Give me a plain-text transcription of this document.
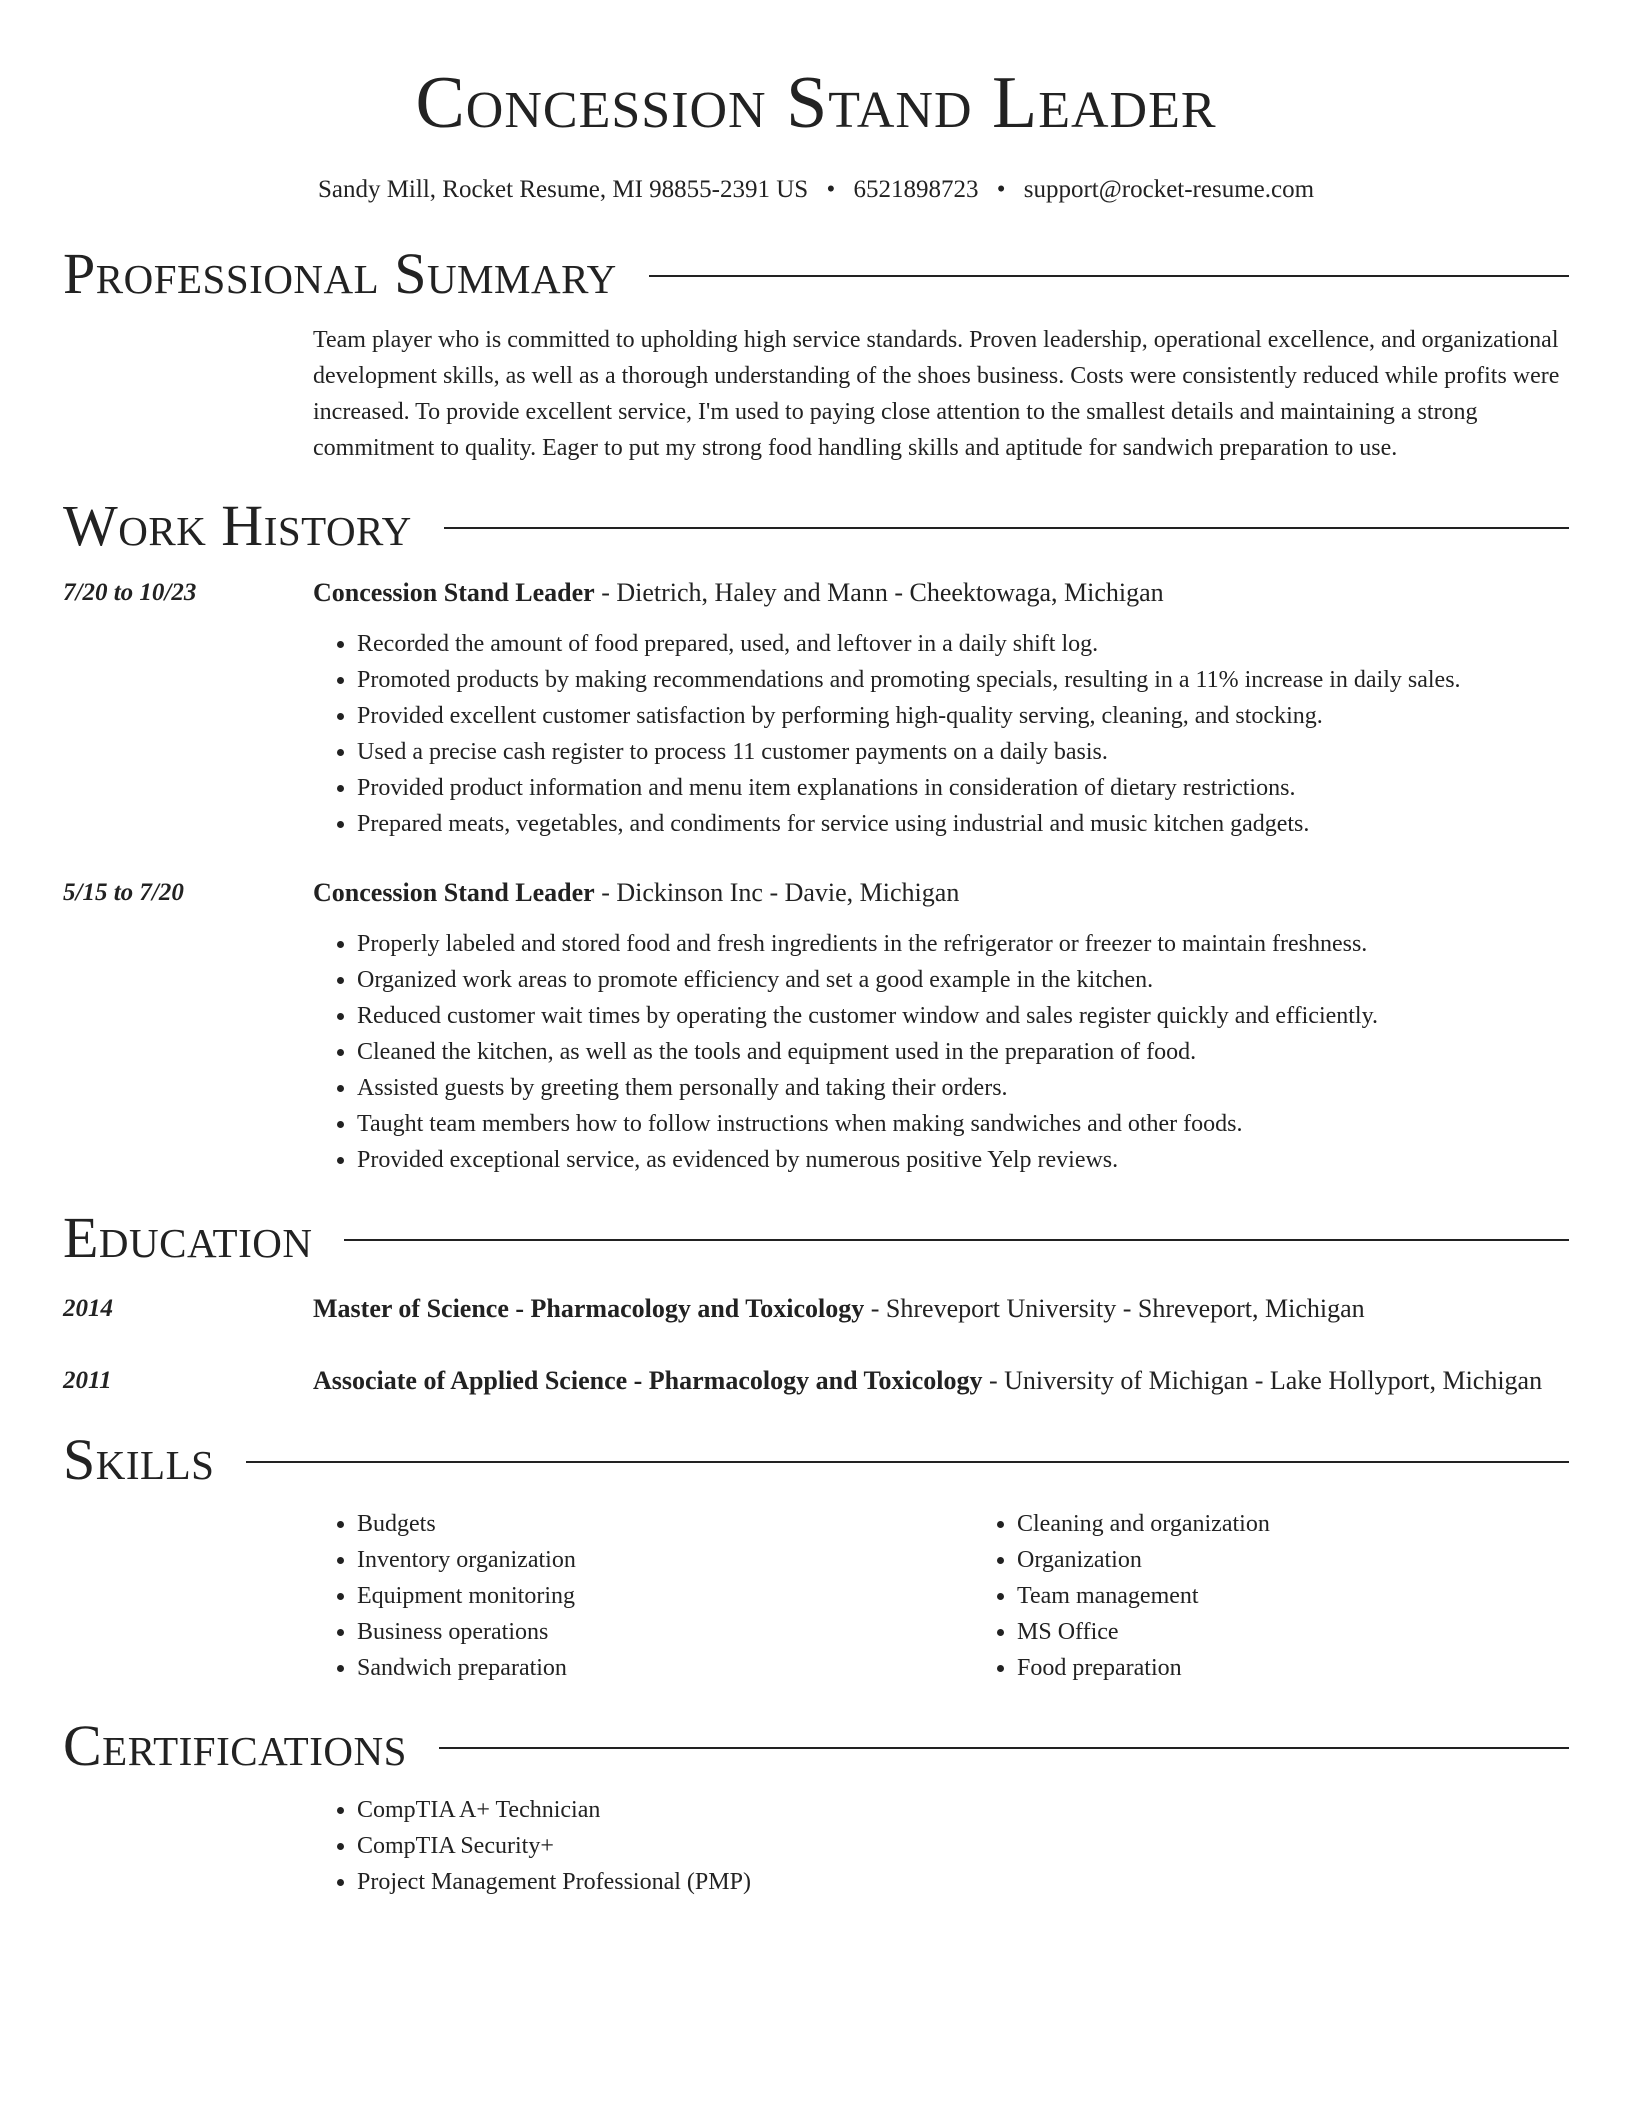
Concession Stand Leader
Sandy Mill, Rocket Resume, MI 98855-2391 US • 6521898723 • support@rocket-resume.com
Professional Summary
Team player who is committed to upholding high service standards. Proven leadership, operational excellence, and organizational development skills, as well as a thorough understanding of the shoes business. Costs were consistently reduced while profits were increased. To provide excellent service, I'm used to paying close attention to the smallest details and maintaining a strong commitment to quality. Eager to put my strong food handling skills and aptitude for sandwich preparation to use.
Work History
7/20 to 10/23	Concession Stand Leader - Dietrich, Haley and Mann - Cheektowaga, Michigan
• Recorded the amount of food prepared, used, and leftover in a daily shift log.
• Promoted products by making recommendations and promoting specials, resulting in a 11% increase in daily sales.
• Provided excellent customer satisfaction by performing high-quality serving, cleaning, and stocking.
• Used a precise cash register to process 11 customer payments on a daily basis.
• Provided product information and menu item explanations in consideration of dietary restrictions.
• Prepared meats, vegetables, and condiments for service using industrial and music kitchen gadgets.
5/15 to 7/20	Concession Stand Leader - Dickinson Inc - Davie, Michigan
• Properly labeled and stored food and fresh ingredients in the refrigerator or freezer to maintain freshness.
• Organized work areas to promote efficiency and set a good example in the kitchen.
• Reduced customer wait times by operating the customer window and sales register quickly and efficiently.
• Cleaned the kitchen, as well as the tools and equipment used in the preparation of food.
• Assisted guests by greeting them personally and taking their orders.
• Taught team members how to follow instructions when making sandwiches and other foods.
• Provided exceptional service, as evidenced by numerous positive Yelp reviews.
Education
2014	Master of Science - Pharmacology and Toxicology - Shreveport University - Shreveport, Michigan
2011	Associate of Applied Science - Pharmacology and Toxicology - University of Michigan - Lake Hollyport, Michigan
Skills
• Budgets
• Inventory organization
• Equipment monitoring
• Business operations
• Sandwich preparation
• Cleaning and organization
• Organization
• Team management
• MS Office
• Food preparation
Certifications
• CompTIA A+ Technician
• CompTIA Security+
• Project Management Professional (PMP)
